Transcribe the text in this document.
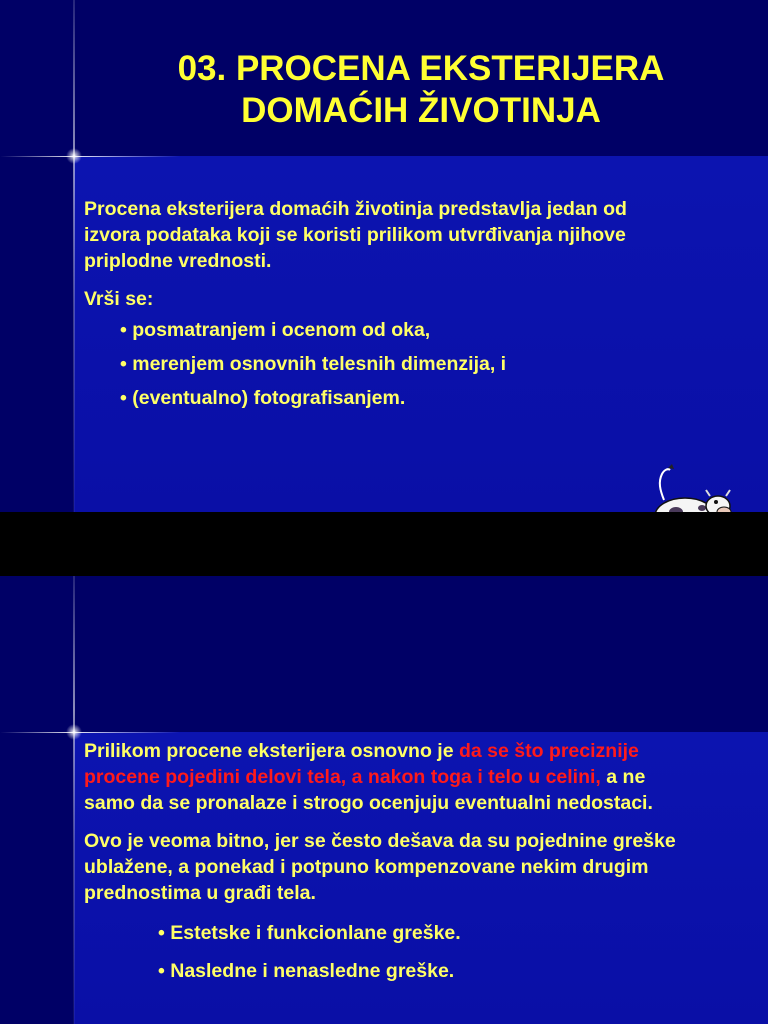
03. PROCENA EKSTERIJERA
DOMAĆIH ŽIVOTINJA
Procena eksterijera domaćih životinja predstavlja jedan od
izvora podataka koji se koristi prilikom utvrđivanja njihove
priplodne vrednosti.
Vrši se:
• posmatranjem i ocenom od oka,
• merenjem osnovnih telesnih dimenzija, i
• (eventualno) fotografisanjem.
Prilikom procene eksterijera osnovno je da se što preciznije
procene pojedini delovi tela, a nakon toga i telo u celini, a ne
samo da se pronalaze i strogo ocenjuju eventualni nedostaci.
Ovo je veoma bitno, jer se često dešava da su pojednine greške
ublažene, a ponekad i potpuno kompenzovane nekim drugim
prednostima u građi tela.
• Estetske i funkcionlane greške.
• Nasledne i nenasledne greške.
